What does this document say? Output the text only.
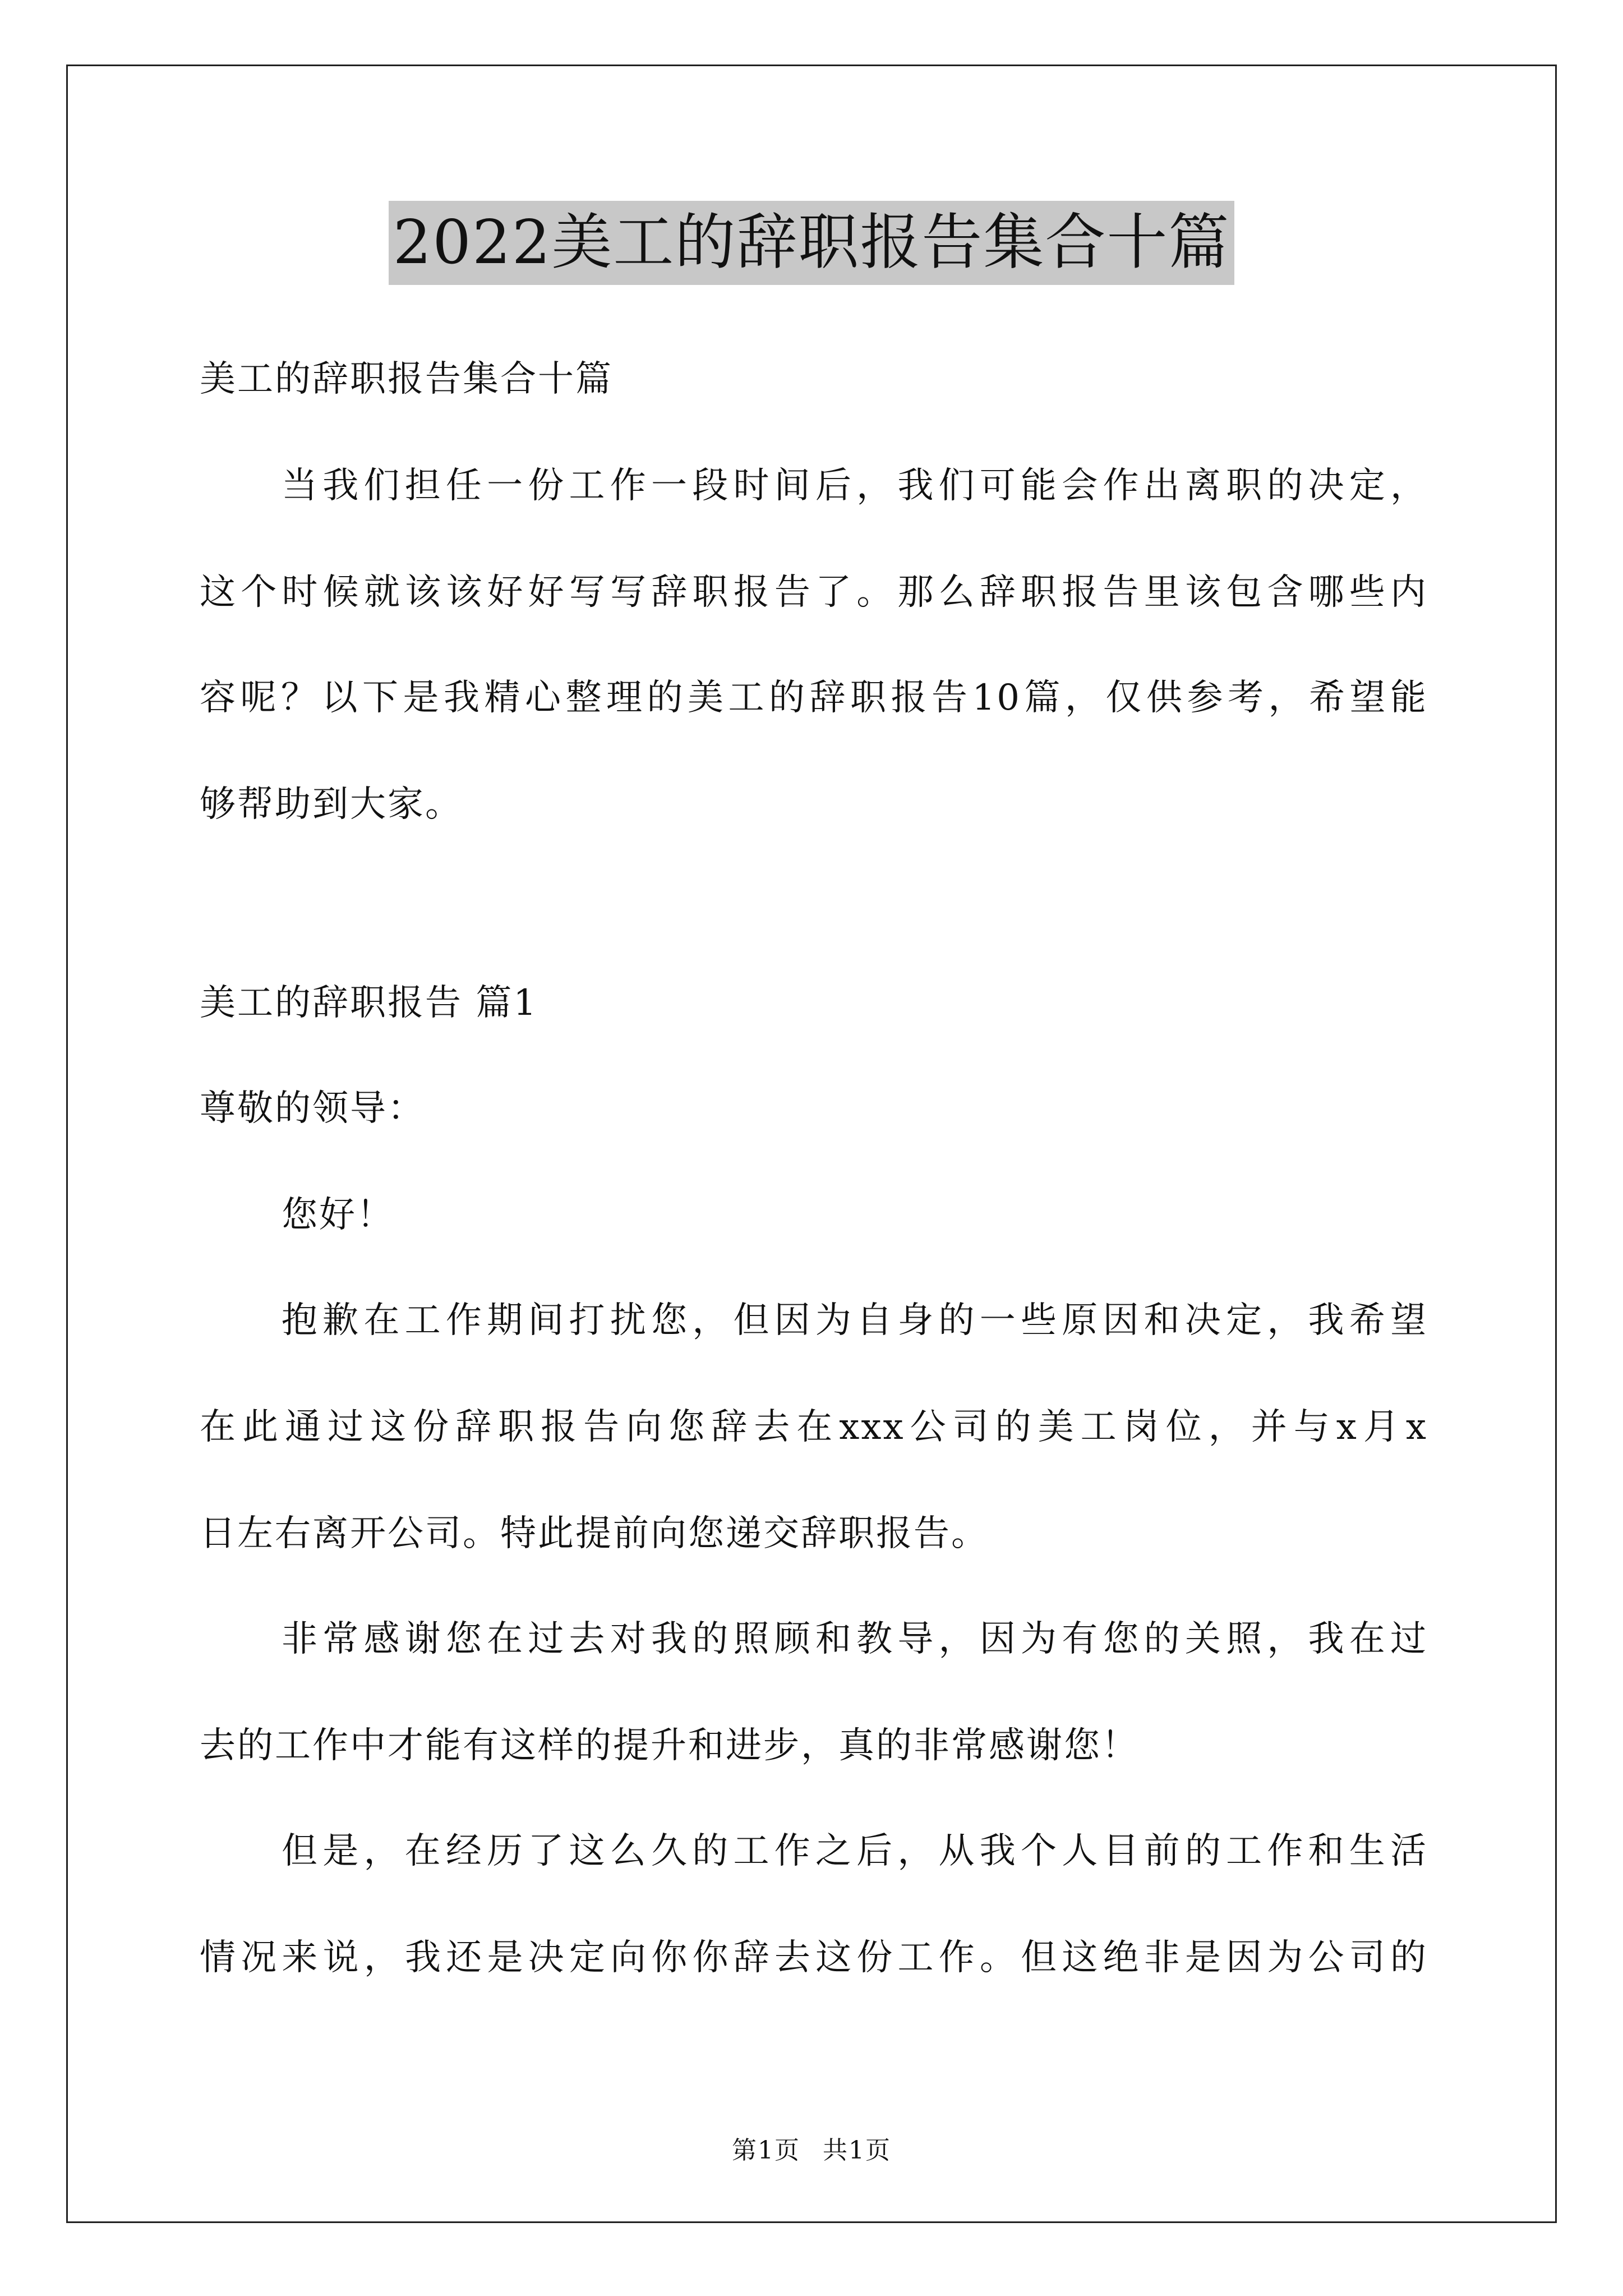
2022美工的辞职报告集合十篇
美工的辞职报告集合十篇
当我们担任一份工作一段时间后，我们可能会作出离职的决定，
这个时候就该该好好写写辞职报告了。那么辞职报告里该包含哪些内
容呢？以下是我精心整理的美工的辞职报告10篇，仅供参考，希望能
够帮助到大家。
美工的辞职报告 篇1
尊敬的领导：
您好！
抱歉在工作期间打扰您，但因为自身的一些原因和决定，我希望
在此通过这份辞职报告向您辞去在xxx公司的美工岗位，并与x月x
日左右离开公司。特此提前向您递交辞职报告。
非常感谢您在过去对我的照顾和教导，因为有您的关照，我在过
去的工作中才能有这样的提升和进步，真的非常感谢您！
但是，在经历了这么久的工作之后，从我个人目前的工作和生活
情况来说，我还是决定向你你辞去这份工作。但这绝非是因为公司的
第1页 共1页
